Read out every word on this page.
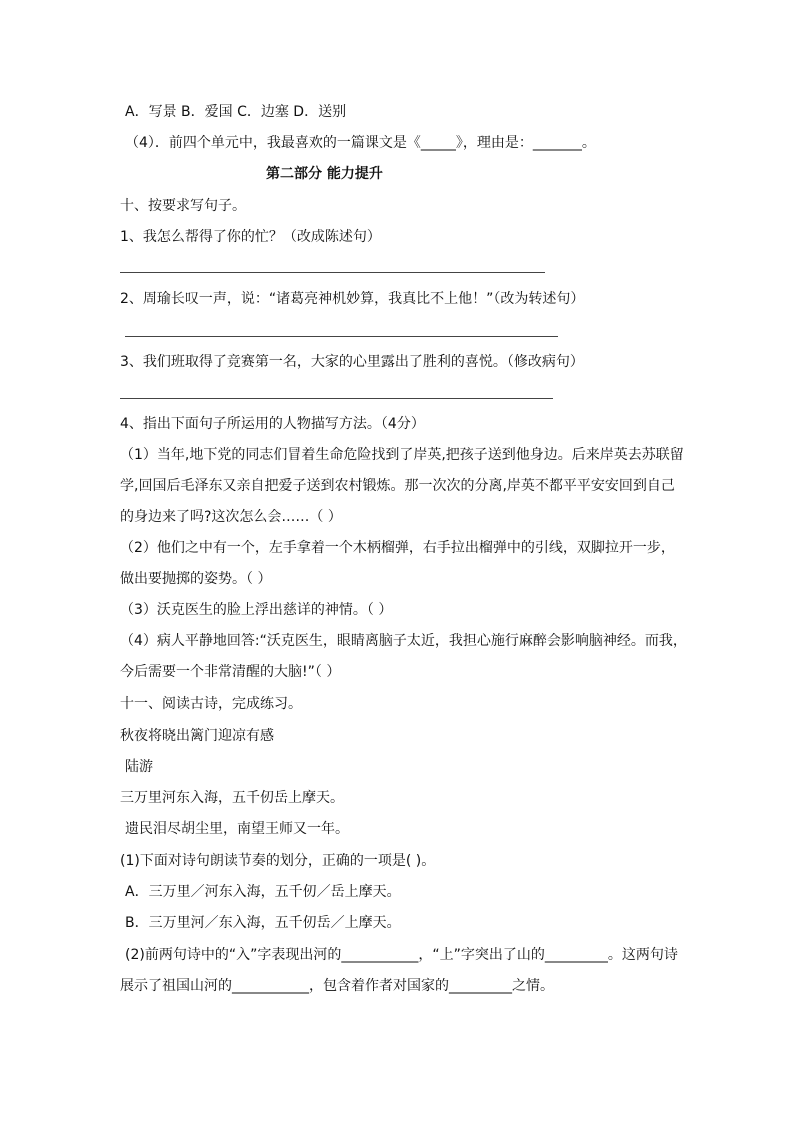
A．写景 B．爱国 C．边塞 D．送别
（4）．前四个单元中，我最喜欢的一篇课文是《_____》，理由是：_______。
第二部分 能力提升
十、按要求写句子。
1、我怎么帮得了你的忙？（改成陈述句）
2、周瑜长叹一声，说：“诸葛亮神机妙算，我真比不上他！”（改为转述句）
3、我们班取得了竞赛第一名，大家的心里露出了胜利的喜悦。（修改病句）
4、指出下面句子所运用的人物描写方法。（4分）
（1）当年,地下党的同志们冒着生命危险找到了岸英,把孩子送到他身边。后来岸英去苏联留
学,回国后毛泽东又亲自把爱子送到农村锻炼。那一次次的分离,岸英不都平平安安回到自己
的身边来了吗?这次怎么会……（ ）
（2）他们之中有一个，左手拿着一个木柄榴弹，右手拉出榴弹中的引线，双脚拉开一步，
做出要抛掷的姿势。（ ）
（3）沃克医生的脸上浮出慈详的神情。（ ）
（4）病人平静地回答:“沃克医生，眼睛离脑子太近，我担心施行麻醉会影响脑神经。而我，
今后需要一个非常清醒的大脑!”（ ）
十一、阅读古诗，完成练习。
秋夜将晓出篱门迎凉有感
陆游
三万里河东入海，五千仞岳上摩天。
遗民泪尽胡尘里，南望王师又一年。
(1)下面对诗句朗读节奏的划分，正确的一项是( )。
A．三万里／河东入海，五千仞／岳上摩天。
B．三万里河／东入海，五千仞岳／上摩天。
(2)前两句诗中的“入”字表现出河的___________，“上”字突出了山的_________。这两句诗
展示了祖国山河的___________，包含着作者对国家的_________之情。
